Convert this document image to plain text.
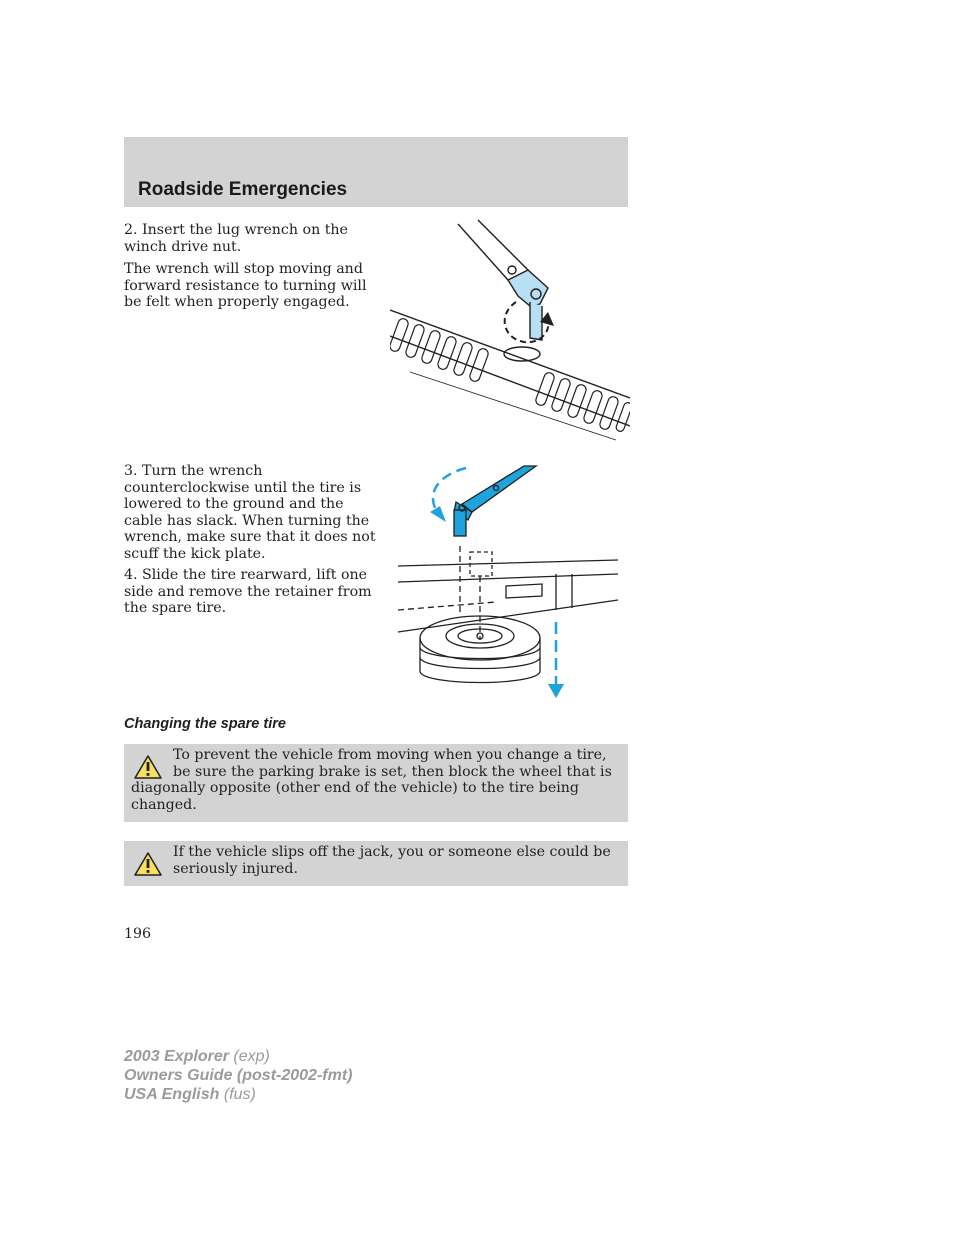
Roadside Emergencies

2. Insert the lug wrench on the winch drive nut.

The wrench will stop moving and forward resistance to turning will be felt when properly engaged.

3. Turn the wrench counterclockwise until the tire is lowered to the ground and the cable has slack. When turning the wrench, make sure that it does not scuff the kick plate.

4. Slide the tire rearward, lift one side and remove the retainer from the spare tire.

Changing the spare tire

To prevent the vehicle from moving when you change a tire, be sure the parking brake is set, then block the wheel that is diagonally opposite (other end of the vehicle) to the tire being changed.

If the vehicle slips off the jack, you or someone else could be seriously injured.

196

2003 Explorer (exp)
Owners Guide (post-2002-fmt)
USA English (fus)
